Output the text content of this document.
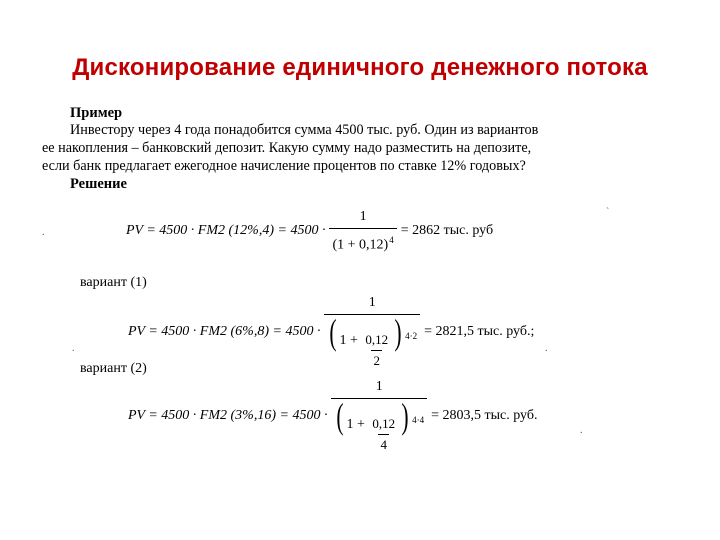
Дисконирование единичного денежного потока
Пример
Инвестору через 4 года понадобится сумма 4500 тыс. руб. Один из вариантов
ее накопления – банковский депозит. Какую сумму надо разместить на депозите,
если банк предлагает ежегодное начисление процентов по ставке 12% годовых?
Решение
PV = 4500 · FM2 $(12\%,4) = 4500 \cdot \frac{1}{(1 + 0,12)^4} = 2862$ тыс. руб
вариант (1)
PV = 4500 · FM2 $(6\%,8) = 4500 \cdot \frac{1}{( 1 + \frac{0,12}{2} ) ^{4\cdot 2}} = 2821,5$ тыс. руб.;
вариант (2)
PV = 4500 · FM2 $(3\%,16) = 4500 \cdot \frac{1}{( 1 + \frac{0,12}{4} ) ^{4\cdot 4}} = 2803,5$ тыс. руб.
.
`
.	.
.
